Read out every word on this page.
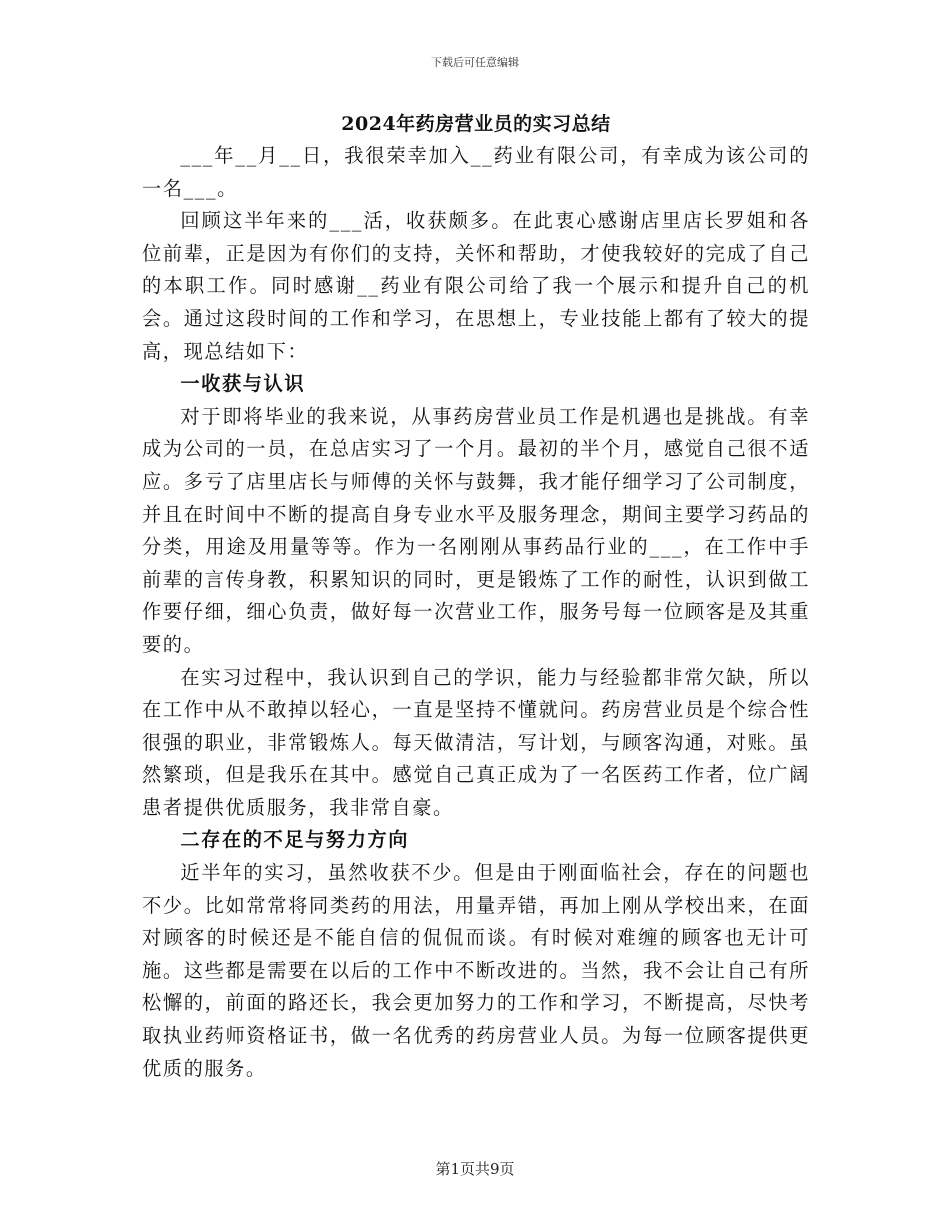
下载后可任意编辑
2024年药房营业员的实习总结

___年__月__日，我很荣幸加入__药业有限公司，有幸成为该公司的一名___。

回顾这半年来的___活，收获颇多。在此衷心感谢店里店长罗姐和各位前辈，正是因为有你们的支持，关怀和帮助，才使我较好的完成了自己的本职工作。同时感谢__药业有限公司给了我一个展示和提升自己的机会。通过这段时间的工作和学习，在思想上，专业技能上都有了较大的提高，现总结如下：

一收获与认识

对于即将毕业的我来说，从事药房营业员工作是机遇也是挑战。有幸成为公司的一员，在总店实习了一个月。最初的半个月，感觉自己很不适应。多亏了店里店长与师傅的关怀与鼓舞，我才能仔细学习了公司制度，并且在时间中不断的提高自身专业水平及服务理念，期间主要学习药品的分类，用途及用量等等。作为一名刚刚从事药品行业的___，在工作中手前辈的言传身教，积累知识的同时，更是锻炼了工作的耐性，认识到做工作要仔细，细心负责，做好每一次营业工作，服务号每一位顾客是及其重要的。

在实习过程中，我认识到自己的学识，能力与经验都非常欠缺，所以在工作中从不敢掉以轻心，一直是坚持不懂就问。药房营业员是个综合性很强的职业，非常锻炼人。每天做清洁，写计划，与顾客沟通，对账。虽然繁琐，但是我乐在其中。感觉自己真正成为了一名医药工作者，位广阔患者提供优质服务，我非常自豪。

二存在的不足与努力方向

近半年的实习，虽然收获不少。但是由于刚面临社会，存在的问题也不少。比如常常将同类药的用法，用量弄错，再加上刚从学校出来，在面对顾客的时候还是不能自信的侃侃而谈。有时候对难缠的顾客也无计可施。这些都是需要在以后的工作中不断改进的。当然，我不会让自己有所松懈的，前面的路还长，我会更加努力的工作和学习，不断提高，尽快考取执业药师资格证书，做一名优秀的药房营业人员。为每一位顾客提供更优质的服务。

第1页共9页
